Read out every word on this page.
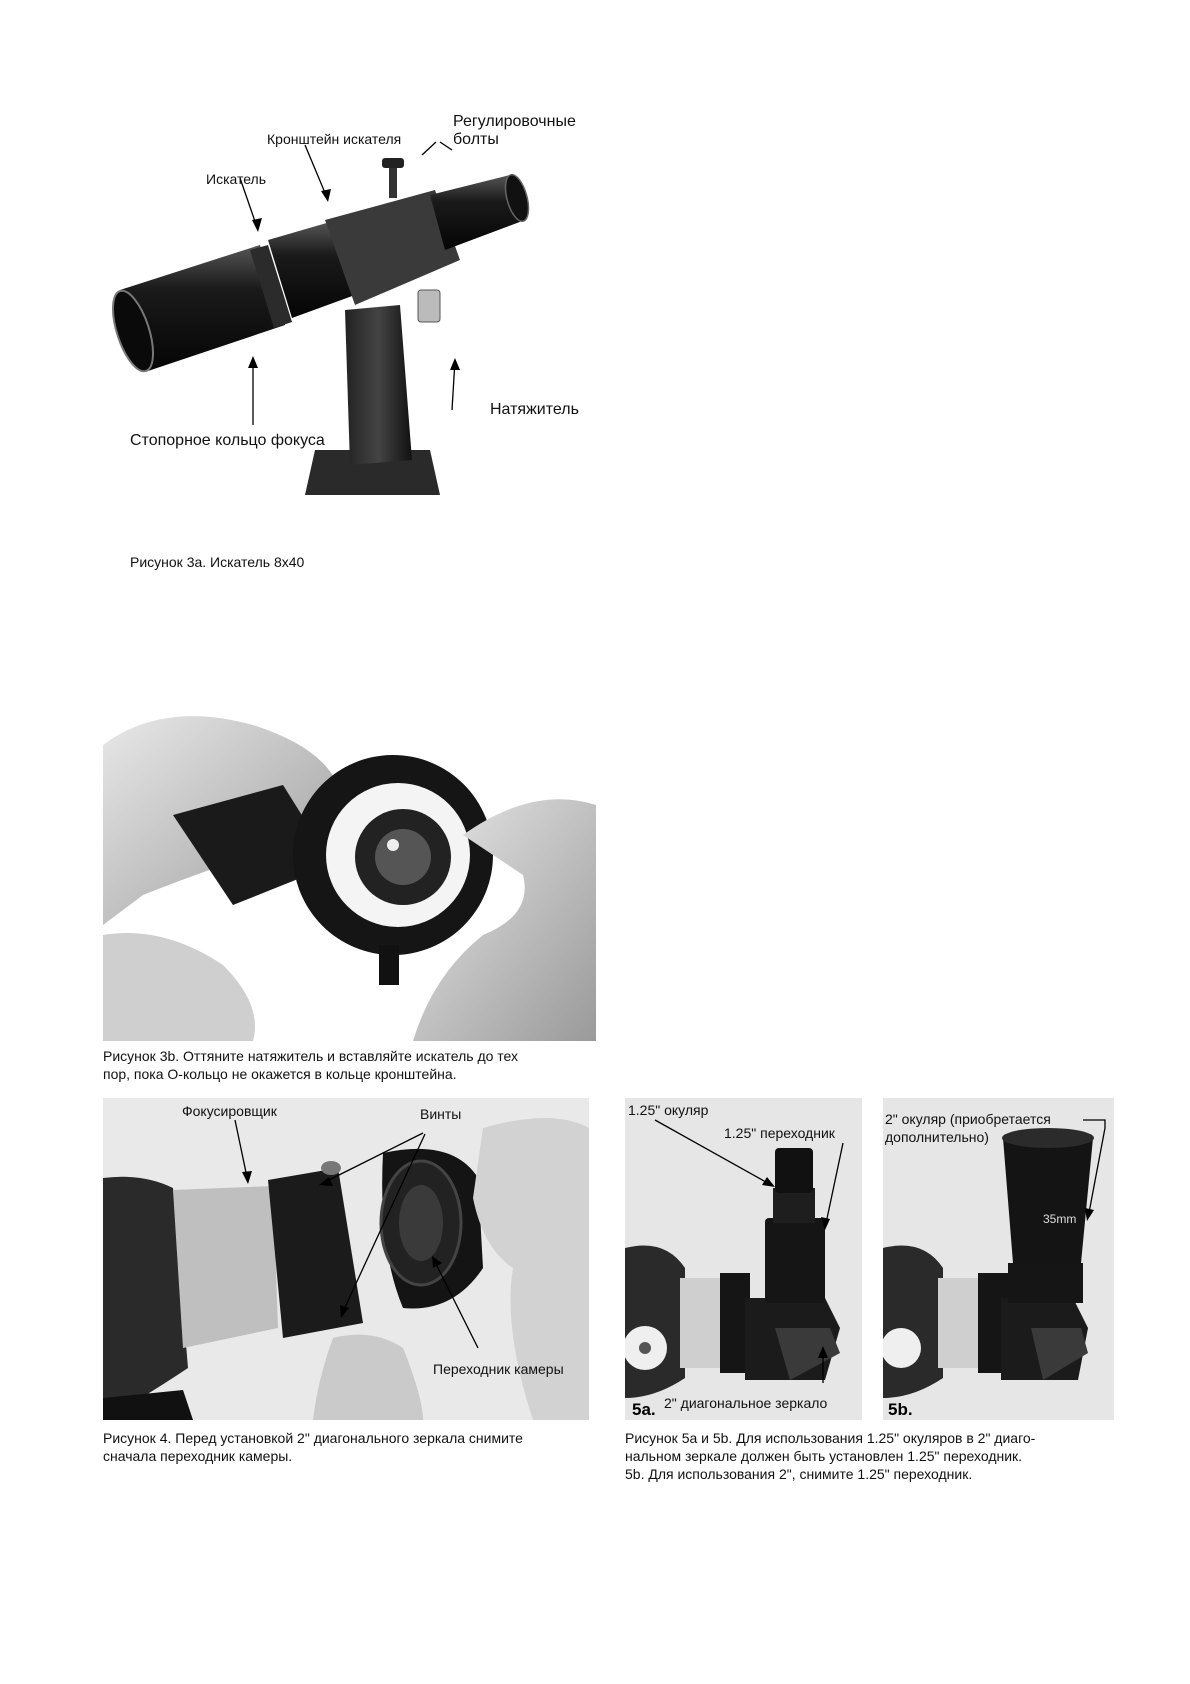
Искатель
Кронштейн искателя
Регулировочные
болты
Натяжитель
Стопорное кольцо фокуса
Рисунок 3a. Искатель 8x40
Рисунок 3b. Оттяните натяжитель и вставляйте искатель до тех
пор, пока О-кольцо не окажется в кольце кронштейна.
Фокусировщик	Винты
Переходник камеры
Рисунок 4. Перед установкой 2" диагонального зеркала снимите
сначала переходник камеры.
1.25" окуляр
1.25" переходник
5a. 2" диагональное зеркало
35mm
2" окуляр (приобретается
дополнительно)
5b.
Рисунок 5a и 5b. Для использования 1.25" окуляров в 2" диаго-
нальном зеркале должен быть установлен 1.25" переходник.
5b. Для использования 2", снимите 1.25" переходник.
